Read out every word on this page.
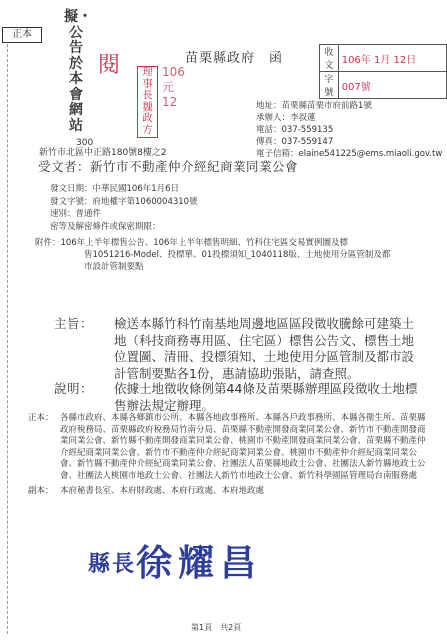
正本
擬・公告於本會網站
300
新竹市北區中正路180號8樓之2
閱	106元12
理事長魏政方
苗栗縣政府　函	收文	106年 1月 12日
字號	007號
地址：苗栗縣苗栗市府前路1號
承辦人：李叔蓮
電話：037-559135
傳真：037-559147
電子信箱：elaine541225@ems.miaoli.gov.tw
受文者：新竹市不動產仲介經紀商業同業公會
發文日期：中華民國106年1月6日
發文字號：府地權字第1060004310號
速別：普通件
密等及解密條件或保密期限：
附件：106年上半年標售公告、106年上半年標售明細、竹科住宅區交易實例圖及標
售1051216-Model、投標單、01投標須知_1040118版、土地使用分區管制及都
市設計管制要點
主旨：	檢送本縣竹科竹南基地周邊地區區段徵收騰餘可建築土地（科技商務專用區、住宅區）標售公告文、標售土地位置圖、清冊、投標須知、土地使用分區管制及都市設計管制要點各1份，惠請協助張貼，請查照。
說明：	依據土地徵收條例第44條及苗栗縣辦理區段徵收土地標售辦法規定辦理。
正本： 各縣市政府、本縣各鄉鎮市公所、本縣各地政事務所、本縣各戶政事務所、本縣各衛生所、苗栗縣政府稅務局、苗栗縣政府稅務局竹南分局、苗栗縣不動產開發商業同業公會、新竹市不動產開發商業同業公會、新竹縣不動產開發商業同業公會、桃園市不動產開發商業同業公會、苗栗縣不動產仲介經紀商業同業公會、新竹市不動產仲介經紀商業同業公會、桃園市不動產仲介經紀商業同業公會、新竹縣不動產仲介經紀商業同業公會、社團法人苗栗縣地政士公會、社團法人新竹縣地政士公會、社團法人桃園市地政士公會、社團法人新竹市地政士公會、新竹科學園區管理局台南服務處
副本： 本府秘書長室、本府財政處、本府行政處、本府地政處
縣長徐耀昌
第1頁　共2頁
